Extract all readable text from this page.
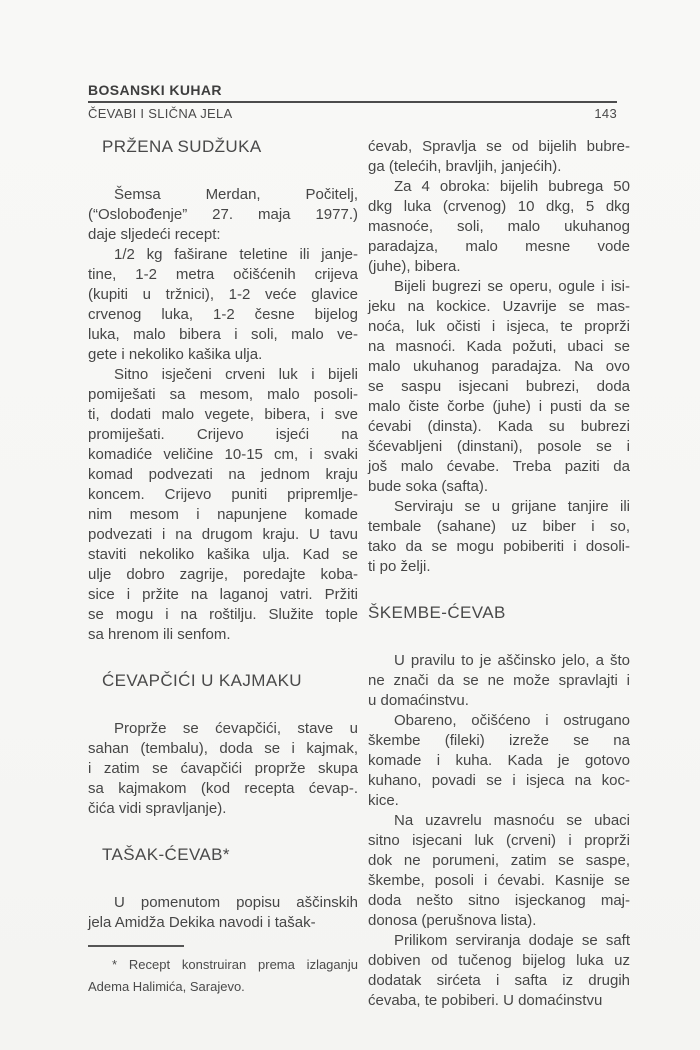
BOSANSKI KUHAR
ČEVABI I SLIČNA JELA	143
PRŽENA SUDŽUKA
Šemsa Merdan, Počitelj,
(“Oslobođenje” 27. maja 1977.)
daje sljedeći recept:
1/2 kg faširane teletine ili janje-
tine, 1-2 metra očišćenih crijeva
(kupiti u tržnici), 1-2 veće glavice
crvenog luka, 1-2 česne bijelog
luka, malo bibera i soli, malo ve-
gete i nekoliko kašika ulja.
Sitno isječeni crveni luk i bijeli
pomiješati sa mesom, malo posoli-
ti, dodati malo vegete, bibera, i sve
promiješati. Crijevo isjeći na
komadiće veličine 10-15 cm, i svaki
komad podvezati na jednom kraju
koncem. Crijevo puniti pripremlje-
nim mesom i napunjene komade
podvezati i na drugom kraju. U tavu
staviti nekoliko kašika ulja. Kad se
ulje dobro zagrije, poredajte koba-
sice i pržite na laganoj vatri. Pržiti
se mogu i na roštilju. Služite tople
sa hrenom ili senfom.
ĆEVAPČIĆI U KAJMAKU
Proprže se ćevapčići, stave u
sahan (tembalu), doda se i kajmak,
i zatim se ćavapčići proprže skupa
sa kajmakom (kod recepta ćevap-.
čića vidi spravljanje).
TAŠAK-ĆEVAB*
U pomenutom popisu aščinskih
jela Amidža Dekika navodi i tašak-
* Recept konstruiran prema izlaganju
Adema Halimića, Sarajevo.
ćevab, Spravlja se od bijelih bubre-
ga (telećih, bravljih, janjećih).
Za 4 obroka: bijelih bubrega 50
dkg luka (crvenog) 10 dkg, 5 dkg
masnoće, soli, malo ukuhanog
paradajza, malo mesne vode
(juhe), bibera.
Bijeli bugrezi se operu, ogule i isi-
jeku na kockice. Uzavrije se mas-
noća, luk očisti i isjeca, te proprži
na masnoći. Kada požuti, ubaci se
malo ukuhanog paradajza. Na ovo
se saspu isjecani bubrezi, doda
malo čiste čorbe (juhe) i pusti da se
ćevabi (dinsta). Kada su bubrezi
šćevabljeni (dinstani), posole se i
još malo ćevabe. Treba paziti da
bude soka (safta).
Serviraju se u grijane tanjire ili
tembale (sahane) uz biber i so,
tako da se mogu pobiberiti i dosoli-
ti po želji.
ŠKEMBE-ĆEVAB
U pravilu to je aščinsko jelo, a što
ne znači da se ne može spravlajti i
u domaćinstvu.
Obareno, očišćeno i ostrugano
škembe (fileki) izreže se na
komade i kuha. Kada je gotovo
kuhano, povadi se i isjeca na koc-
kice.
Na uzavrelu masnoću se ubaci
sitno isjecani luk (crveni) i proprži
dok ne porumeni, zatim se saspe,
škembe, posoli i ćevabi. Kasnije se
doda nešto sitno isjeckanog maj-
donosa (perušnova lista).
Prilikom serviranja dodaje se saft
dobiven od tučenog bijelog luka uz
dodatak sirćeta i safta iz drugih
ćevaba, te pobiberi. U domaćinstvu
